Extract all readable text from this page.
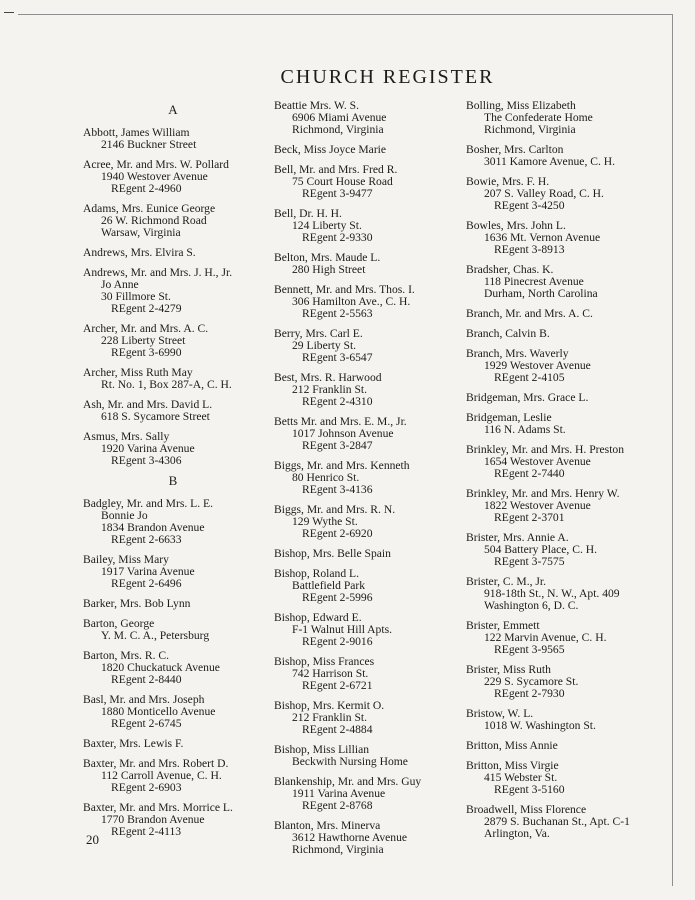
CHURCH REGISTER
A
Abbott, James William
2146 Buckner Street
Acree, Mr. and Mrs. W. Pollard
1940 Westover Avenue
REgent 2-4960
Adams, Mrs. Eunice George
26 W. Richmond Road
Warsaw, Virginia
Andrews, Mrs. Elvira S.
Andrews, Mr. and Mrs. J. H., Jr.
Jo Anne
30 Fillmore St.
REgent 2-4279
Archer, Mr. and Mrs. A. C.
228 Liberty Street
REgent 3-6990
Archer, Miss Ruth May
Rt. No. 1, Box 287-A, C. H.
Ash, Mr. and Mrs. David L.
618 S. Sycamore Street
Asmus, Mrs. Sally
1920 Varina Avenue
REgent 3-4306
B
Badgley, Mr. and Mrs. L. E.
Bonnie Jo
1834 Brandon Avenue
REgent 2-6633
Bailey, Miss Mary
1917 Varina Avenue
REgent 2-6496
Barker, Mrs. Bob Lynn
Barton, George
Y. M. C. A., Petersburg
Barton, Mrs. R. C.
1820 Chuckatuck Avenue
REgent 2-8440
Basl, Mr. and Mrs. Joseph
1880 Monticello Avenue
REgent 2-6745
Baxter, Mrs. Lewis F.
Baxter, Mr. and Mrs. Robert D.
112 Carroll Avenue, C. H.
REgent 2-6903
Baxter, Mr. and Mrs. Morrice L.
1770 Brandon Avenue
REgent 2-4113
Beattie Mrs. W. S.
6906 Miami Avenue
Richmond, Virginia
Beck, Miss Joyce Marie
Bell, Mr. and Mrs. Fred R.
75 Court House Road
REgent 3-9477
Bell, Dr. H. H.
124 Liberty St.
REgent 2-9330
Belton, Mrs. Maude L.
280 High Street
Bennett, Mr. and Mrs. Thos. I.
306 Hamilton Ave., C. H.
REgent 2-5563
Berry, Mrs. Carl E.
29 Liberty St.
REgent 3-6547
Best, Mrs. R. Harwood
212 Franklin St.
REgent 2-4310
Betts Mr. and Mrs. E. M., Jr.
1017 Johnson Avenue
REgent 3-2847
Biggs, Mr. and Mrs. Kenneth
80 Henrico St.
REgent 3-4136
Biggs, Mr. and Mrs. R. N.
129 Wythe St.
REgent 2-6920
Bishop, Mrs. Belle Spain
Bishop, Roland L.
Battlefield Park
REgent 2-5996
Bishop, Edward E.
F-1 Walnut Hill Apts.
REgent 2-9016
Bishop, Miss Frances
742 Harrison St.
REgent 2-6721
Bishop, Mrs. Kermit O.
212 Franklin St.
REgent 2-4884
Bishop, Miss Lillian
Beckwith Nursing Home
Blankenship, Mr. and Mrs. Guy
1911 Varina Avenue
REgent 2-8768
Blanton, Mrs. Minerva
3612 Hawthorne Avenue
Richmond, Virginia
Bolling, Miss Elizabeth
The Confederate Home
Richmond, Virginia
Bosher, Mrs. Carlton
3011 Kamore Avenue, C. H.
Bowie, Mrs. F. H.
207 S. Valley Road, C. H.
REgent 3-4250
Bowles, Mrs. John L.
1636 Mt. Vernon Avenue
REgent 3-8913
Bradsher, Chas. K.
118 Pinecrest Avenue
Durham, North Carolina
Branch, Mr. and Mrs. A. C.
Branch, Calvin B.
Branch, Mrs. Waverly
1929 Westover Avenue
REgent 2-4105
Bridgeman, Mrs. Grace L.
Bridgeman, Leslie
116 N. Adams St.
Brinkley, Mr. and Mrs. H. Preston
1654 Westover Avenue
REgent 2-7440
Brinkley, Mr. and Mrs. Henry W.
1822 Westover Avenue
REgent 2-3701
Brister, Mrs. Annie A.
504 Battery Place, C. H.
REgent 3-7575
Brister, C. M., Jr.
918-18th St., N. W., Apt. 409
Washington 6, D. C.
Brister, Emmett
122 Marvin Avenue, C. H.
REgent 3-9565
Brister, Miss Ruth
229 S. Sycamore St.
REgent 2-7930
Bristow, W. L.
1018 W. Washington St.
Britton, Miss Annie
Britton, Miss Virgie
415 Webster St.
REgent 3-5160
Broadwell, Miss Florence
2879 S. Buchanan St., Apt. C-1
Arlington, Va.
20
